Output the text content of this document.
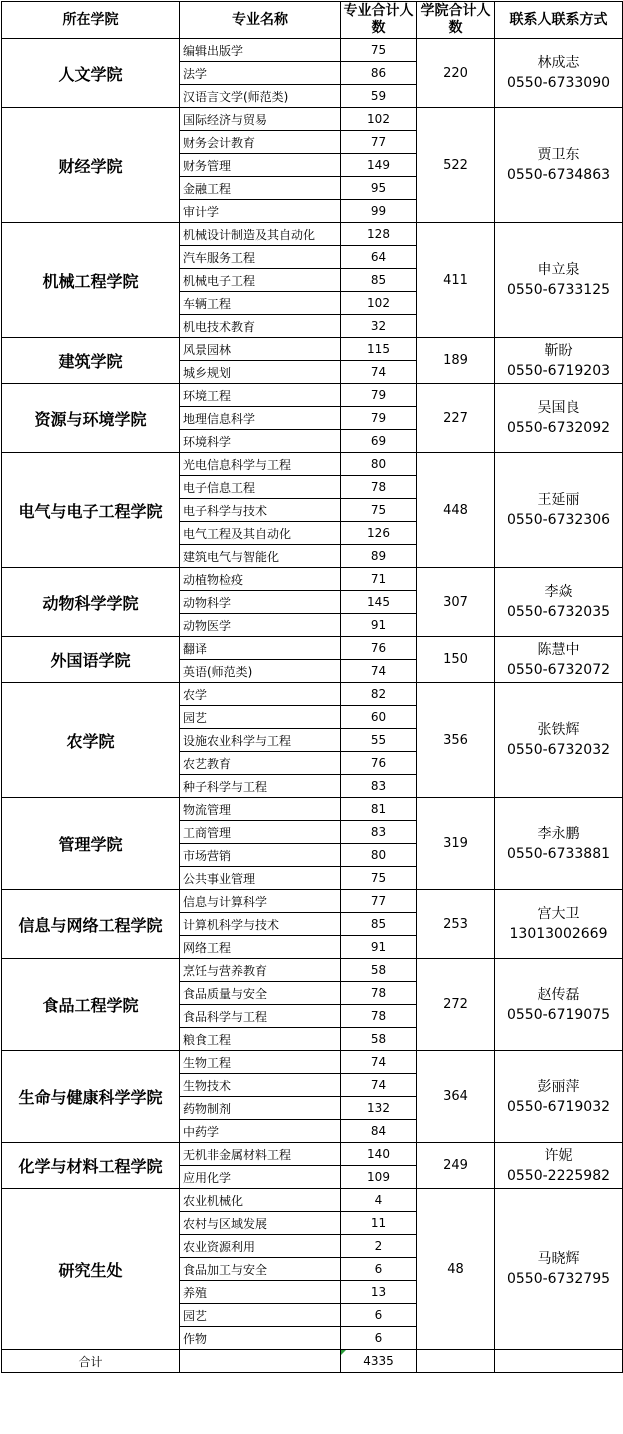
所在学院	专业名称	专业合计人数	学院合计人数	联系人联系方式
人文学院	编辑出版学	75	220	林成志
0550-6733090

	法学	86		
	汉语言文学(师范类)	59		
财经学院	国际经济与贸易	102	522	贾卫东
0550-6734863

	财务会计教育	77		
	财务管理	149		
	金融工程	95		
	审计学	99		
机械工程学院	机械设计制造及其自动化	128	411	申立泉
0550-6733125

	汽车服务工程	64		
	机械电子工程	85		
	车辆工程	102		
	机电技术教育	32		
建筑学院	风景园林	115	189	靳盼
0550-6719203

	城乡规划	74		
资源与环境学院	环境工程	79	227	吴国良
0550-6732092

	地理信息科学	79		
	环境科学	69		
电气与电子工程学院	光电信息科学与工程	80	448	王延丽
0550-6732306

	电子信息工程	78		
	电子科学与技术	75		
	电气工程及其自动化	126		
	建筑电气与智能化	89		
动物科学学院	动植物检疫	71	307	李焱
0550-6732035

	动物科学	145		
	动物医学	91		
外国语学院	翻译	76	150	陈慧中
0550-6732072

	英语(师范类)	74		
农学院	农学	82	356	张铁辉
0550-6732032

	园艺	60		
	设施农业科学与工程	55		
	农艺教育	76		
	种子科学与工程	83		
管理学院	物流管理	81	319	李永鹏
0550-6733881

	工商管理	83		
	市场营销	80		
	公共事业管理	75		
信息与网络工程学院	信息与计算科学	77	253	宫大卫
13013002669

	计算机科学与技术	85		
	网络工程	91		
食品工程学院	烹饪与营养教育	58	272	赵传磊
0550-6719075

	食品质量与安全	78		
	食品科学与工程	78		
	粮食工程	58		
生命与健康科学学院	生物工程	74	364	彭丽萍
0550-6719032

	生物技术	74		
	药物制剂	132		
	中药学	84		
化学与材料工程学院	无机非金属材料工程	140	249	许妮
0550-2225982

	应用化学	109		
研究生处	农业机械化	4	48	马晓辉
0550-6732795

	农村与区域发展	11		
	农业资源利用	2		
	食品加工与安全	6		
	养殖	13		
	园艺	6		
	作物	6		
合计		4335		
